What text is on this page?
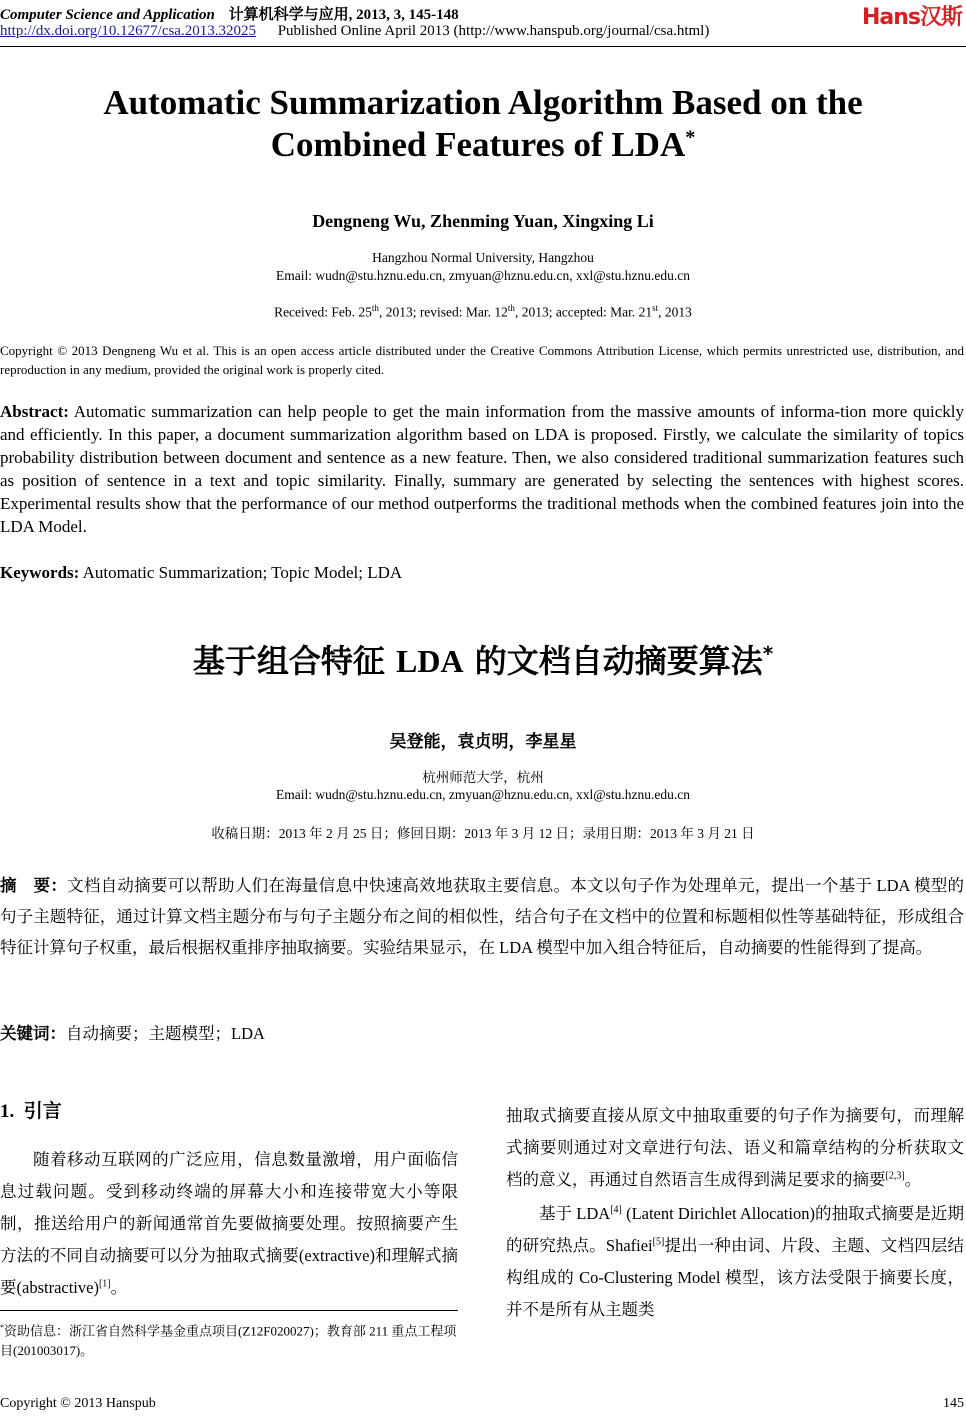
Computer Science and Application 计算机科学与应用, 2013, 3, 145-148
http://dx.doi.org/10.12677/csa.2013.32025 Published Online April 2013 (http://www.hanspub.org/journal/csa.html)
Hans汉斯
Automatic Summarization Algorithm Based on the
Combined Features of LDA*
Dengneng Wu, Zhenming Yuan, Xingxing Li
Hangzhou Normal University, Hangzhou
Email: wudn@stu.hznu.edu.cn, zmyuan@hznu.edu.cn, xxl@stu.hznu.edu.cn
Received: Feb. 25th, 2013; revised: Mar. 12th, 2013; accepted: Mar. 21st, 2013
Copyright © 2013 Dengneng Wu et al. This is an open access article distributed under the Creative Commons Attribution License, which permits unrestricted use, distribution, and reproduction in any medium, provided the original work is properly cited.
Abstract: Automatic summarization can help people to get the main information from the massive amounts of informa-tion more quickly and efficiently. In this paper, a document summarization algorithm based on LDA is proposed. Firstly, we calculate the similarity of topics probability distribution between document and sentence as a new feature. Then, we also considered traditional summarization features such as position of sentence in a text and topic similarity. Finally, summary are generated by selecting the sentences with highest scores. Experimental results show that the performance of our method outperforms the traditional methods when the combined features join into the LDA Model.
Keywords: Automatic Summarization; Topic Model; LDA
基于组合特征 LDA 的文档自动摘要算法*
吴登能，袁贞明，李星星
杭州师范大学，杭州
Email: wudn@stu.hznu.edu.cn, zmyuan@hznu.edu.cn, xxl@stu.hznu.edu.cn
收稿日期：2013 年 2 月 25 日；修回日期：2013 年 3 月 12 日；录用日期：2013 年 3 月 21 日
摘　要：文档自动摘要可以帮助人们在海量信息中快速高效地获取主要信息。本文以句子作为处理单元，提出一个基于 LDA 模型的句子主题特征，通过计算文档主题分布与句子主题分布之间的相似性，结合句子在文档中的位置和标题相似性等基础特征，形成组合特征计算句子权重，最后根据权重排序抽取摘要。实验结果显示，在 LDA 模型中加入组合特征后，自动摘要的性能得到了提高。
关键词：自动摘要；主题模型；LDA
1. 引言
随着移动互联网的广泛应用，信息数量激增，用户面临信息过载问题。受到移动终端的屏幕大小和连接带宽大小等限制，推送给用户的新闻通常首先要做摘要处理。按照摘要产生方法的不同自动摘要可以分为抽取式摘要(extractive)和理解式摘要(abstractive)[1]。
抽取式摘要直接从原文中抽取重要的句子作为摘要句，而理解式摘要则通过对文章进行句法、语义和篇章结构的分析获取文档的意义，再通过自然语言生成得到满足要求的摘要[2,3]。
基于 LDA[4] (Latent Dirichlet Allocation)的抽取式摘要是近期的研究热点。Shafiei[5]提出一种由词、片段、主题、文档四层结构组成的 Co-Clustering Model 模型，该方法受限于摘要长度，并不是所有从主题类
*资助信息：浙江省自然科学基金重点项目(Z12F020027)；教育部 211 重点工程项目(201003017)。
Copyright © 2013 Hanspub	145
